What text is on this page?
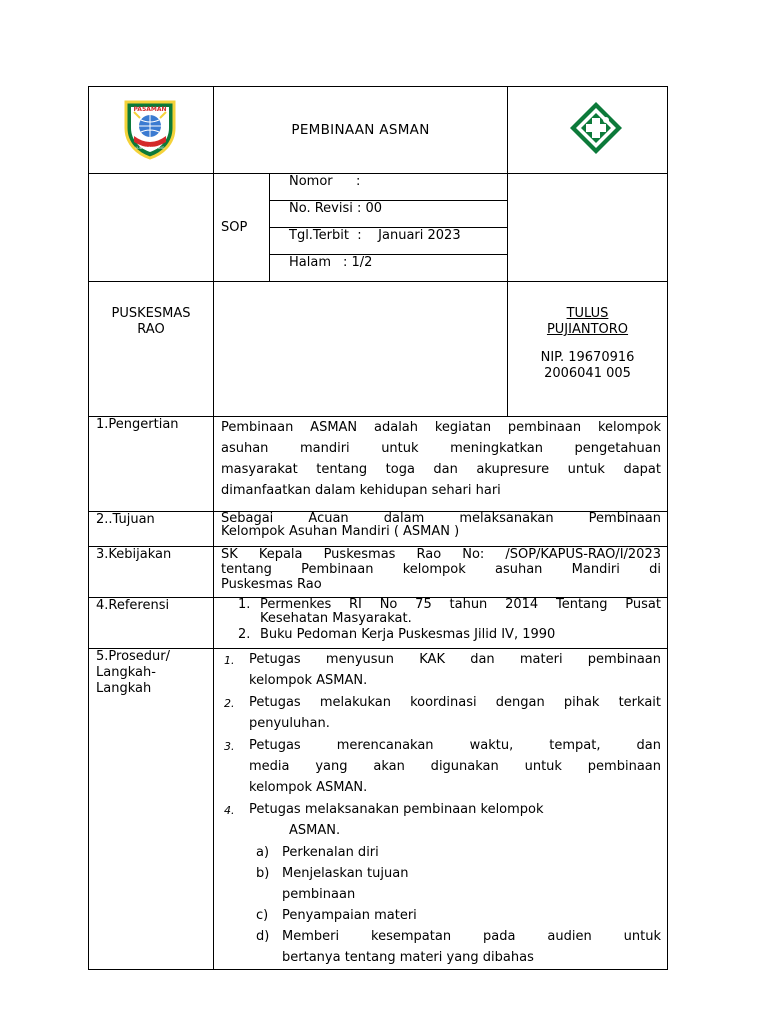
PASAMAN
LUBUK SIKAPING
	PEMBINAAN ASMAN	

	SOP	
Nomor :
No. Revisi : 00
Tgl.Terbit : Januari 2023
Halam : 1/2

PUSKESMAS
RAO

TULUS
PUJIANTORO
NIP. 19670916
2006041 005

1.Pengertian	Pembinaan ASMAN adalah kegiatan pembinaan kelompok
asuhan mandiri untuk meningkatkan pengetahuan
masyarakat tentang toga dan akupresure untuk dapat
dimanfaatkan dalam kehidupan sehari hari

2..Tujuan	Sebagai Acuan dalam melaksanakan Pembinaan
Kelompok Asuhan Mandiri ( ASMAN )

3.Kebijakan	SK Kepala Puskesmas Rao No: /SOP/KAPUS-RAO/I/2023
tentang Pembinaan kelompok asuhan Mandiri di
Puskesmas Rao

4.Referensi	1. Permenkes RI No 75 tahun 2014 Tentang Pusat
Kesehatan Masyarakat.
2. Buku Pedoman Kerja Puskesmas Jilid IV, 1990

5.Prosedur/
Langkah-
Langkah

1. Petugas menyusun KAK dan materi pembinaan
kelompok ASMAN.
2. Petugas melakukan koordinasi dengan pihak terkait
penyuluhan.
3. Petugas merencanakan waktu, tempat, dan
media yang akan digunakan untuk pembinaan
kelompok ASMAN.
4. Petugas melaksanakan pembinaan kelompok
ASMAN.
a) Perkenalan diri
b) Menjelaskan tujuan
pembinaan
c) Penyampaian materi
d) Memberi kesempatan pada audien untuk
bertanya tentang materi yang dibahas
